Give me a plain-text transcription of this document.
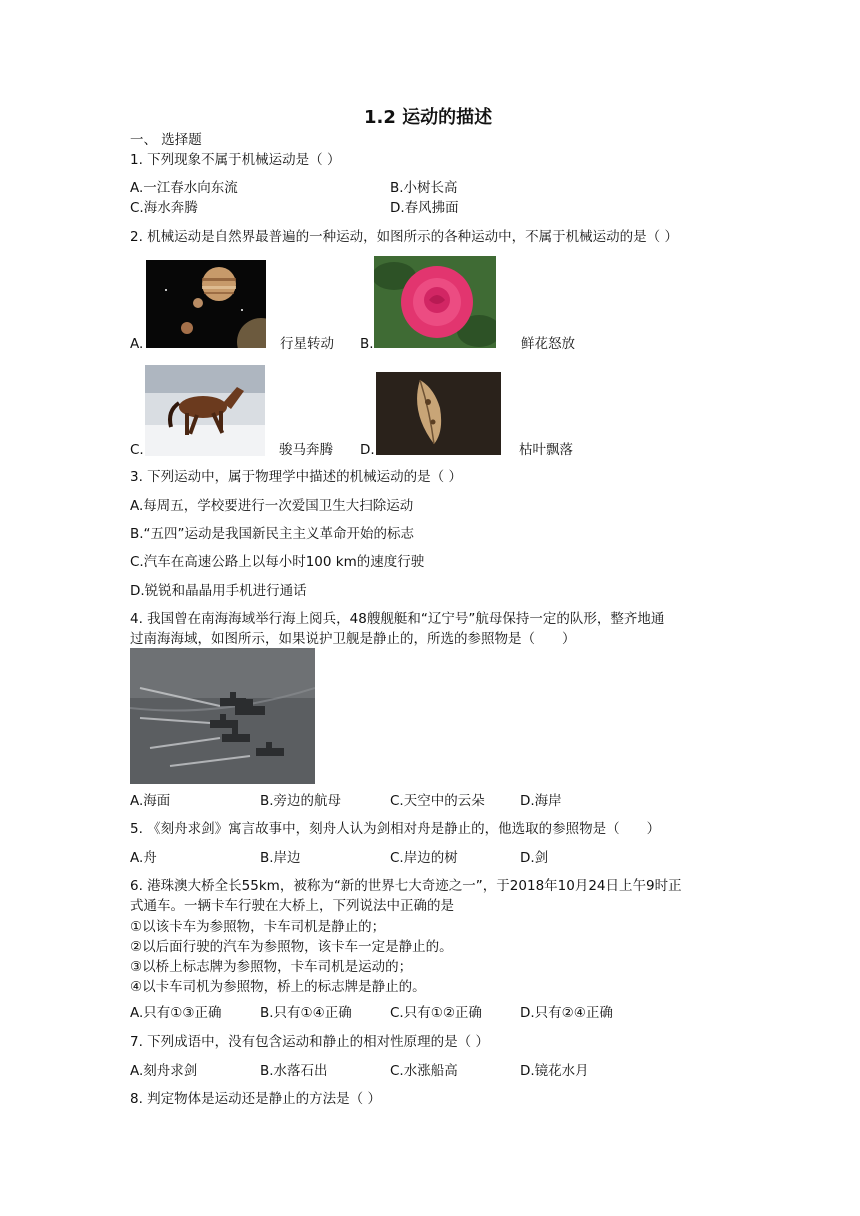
1.2 运动的描述
一、 选择题
1. 下列现象不属于机械运动是（ ）
A.一江春水向东流	B.小树长高
C.海水奔腾	D.春风拂面
2. 机械运动是自然界最普遍的一种运动，如图所示的各种运动中，不属于机械运动的是（ ）
A.	行星转动 B.	鲜花怒放
C.	骏马奔腾 D.	枯叶飘落
3. 下列运动中，属于物理学中描述的机械运动的是（ ）
A.每周五，学校要进行一次爱国卫生大扫除运动
B.“五四”运动是我国新民主主义革命开始的标志
C.汽车在高速公路上以每小时100 km的速度行驶
D.锐锐和晶晶用手机进行通话
4. 我国曾在南海海域举行海上阅兵，48艘舰艇和“辽宁号”航母保持一定的队形，整齐地通
过南海海域，如图所示，如果说护卫舰是静止的，所选的参照物是（　　）
A.海面	B.旁边的航母	C.天空中的云朵	D.海岸
5. 《刻舟求剑》寓言故事中，刻舟人认为剑相对舟是静止的，他选取的参照物是（　　）
A.舟	B.岸边	C.岸边的树	D.剑
6. 港珠澳大桥全长55km，被称为“新的世界七大奇迹之一”，于2018年10月24日上午9时正
式通车。一辆卡车行驶在大桥上，下列说法中正确的是
①以该卡车为参照物，卡车司机是静止的；
②以后面行驶的汽车为参照物，该卡车一定是静止的。
③以桥上标志牌为参照物，卡车司机是运动的；
④以卡车司机为参照物，桥上的标志牌是静止的。
A.只有①③正确	B.只有①④正确	C.只有①②正确	D.只有②④正确
7. 下列成语中，没有包含运动和静止的相对性原理的是（ ）
A.刻舟求剑	B.水落石出	C.水涨船高	D.镜花水月
8. 判定物体是运动还是静止的方法是（ ）
